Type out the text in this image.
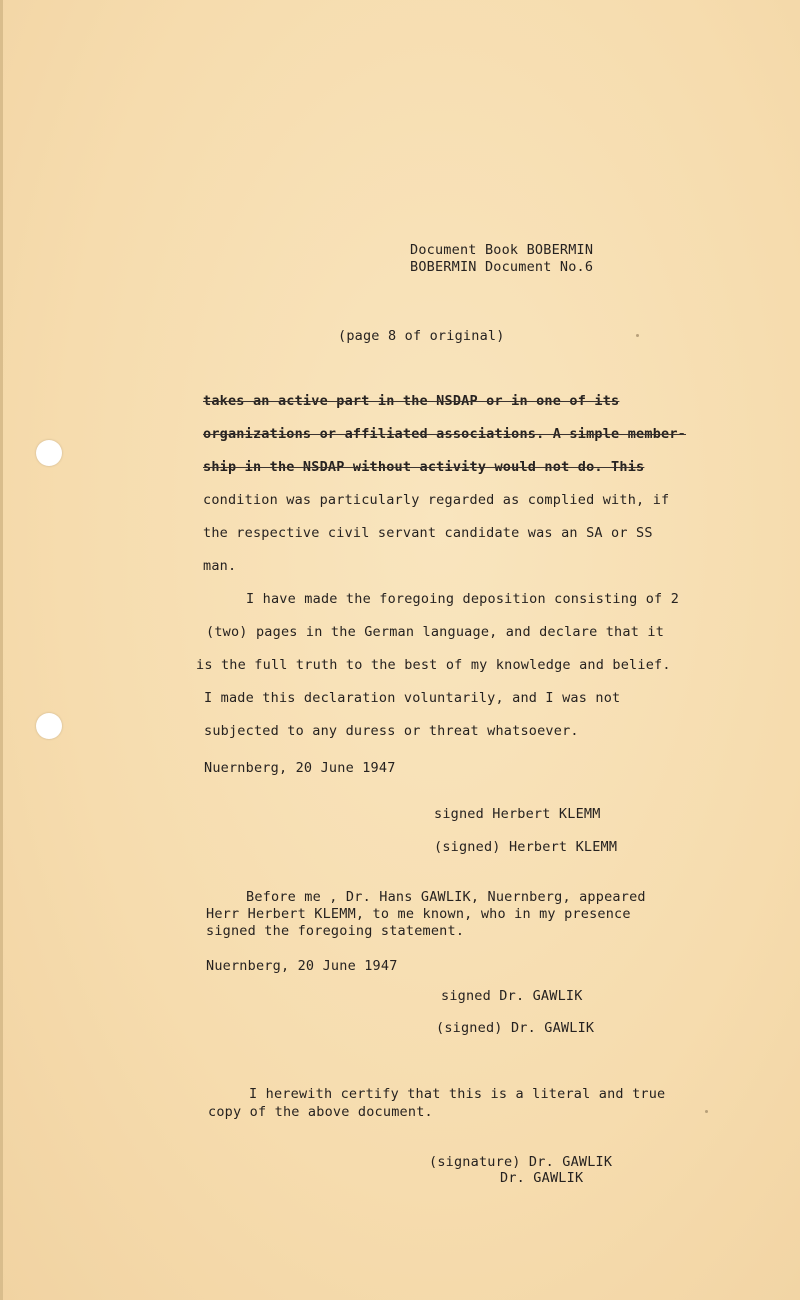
Document Book BOBERMIN
BOBERMIN Document No.6
(page 8 of original)
takes an active part in the NSDAP or in one of its
organizations or affiliated associations. A simple member-
ship in the NSDAP without activity would not do. This
condition was particularly regarded as complied with, if
the respective civil servant candidate was an SA or SS
man.
I have made the foregoing deposition consisting of 2
(two) pages in the German language, and declare that it
is the full truth to the best of my knowledge and belief.
I made this declaration voluntarily, and I was not
subjected to any duress or threat whatsoever.
Nuernberg, 20 June 1947
signed Herbert KLEMM
(signed) Herbert KLEMM
Before me , Dr. Hans GAWLIK, Nuernberg, appeared
Herr Herbert KLEMM, to me known, who in my presence
signed the foregoing statement.
Nuernberg, 20 June 1947
signed Dr. GAWLIK
(signed) Dr. GAWLIK
I herewith certify that this is a literal and true
copy of the above document.
(signature) Dr. GAWLIK
Dr. GAWLIK
